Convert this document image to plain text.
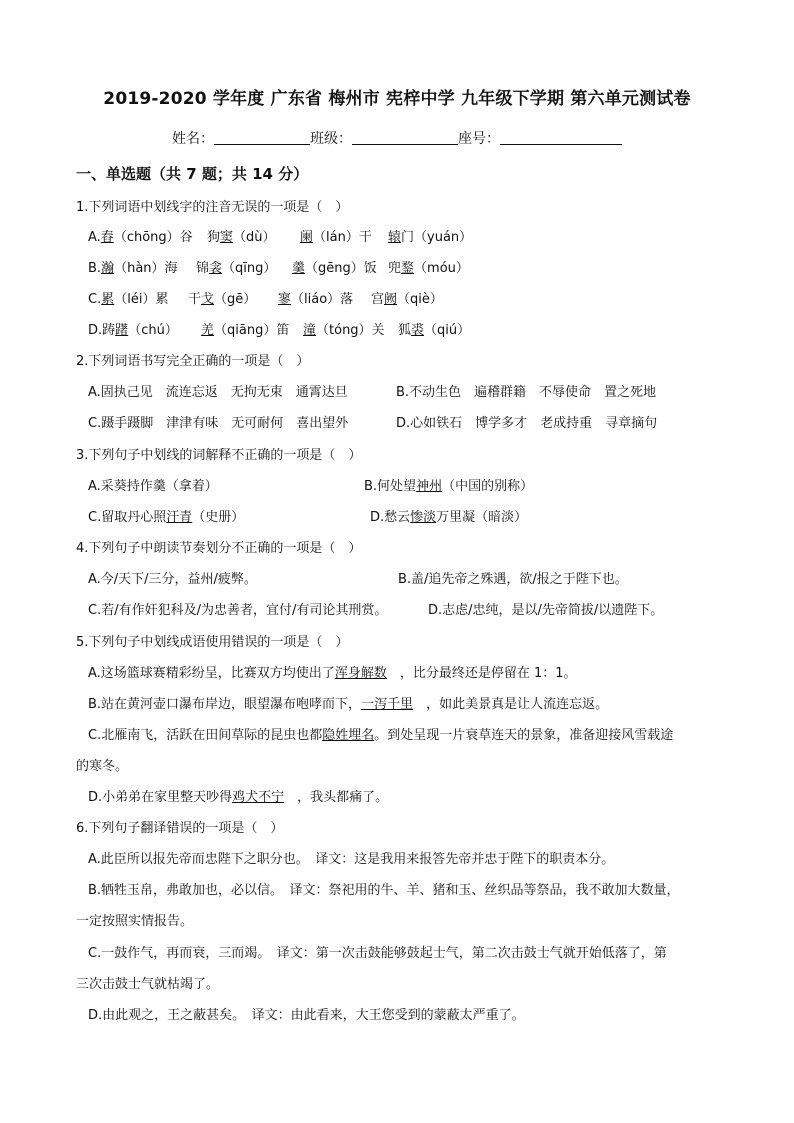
2019-2020 学年度 广东省 梅州市 宪梓中学 九年级下学期 第六单元测试卷
姓名：	班级：	座号：
一、单选题（共 7 题；共 14 分）
1.下列词语中划线字的注音无误的一项是（　）
A.舂（chōng）谷 狗窦（dù） 阑（lán）干 辕门（yuán）
B.瀚（hàn）海 锦衾（qīng） 羹（gēng）饭 兜鍪（móu）
C.累（léi）累 干戈（gē） 寥（liáo）落 宫阙（qiè）
D.踌躇（chú） 羌（qiāng）笛 潼（tóng）关 狐裘（qiú）
2.下列词语书写完全正确的一项是（　）
A.固执己见　流连忘返　无拘无束　通霄达旦	B.不动生色　遍稽群籍　不辱使命　置之死地
C.蹑手蹑脚　津津有味　无可耐何　喜出望外	D.心如铁石　博学多才　老成持重　寻章摘句
3.下列句子中划线的词解释不正确的一项是（　）
A.采葵持作羹（拿着）	B.何处望神州（中国的别称）
C.留取丹心照汗青（史册）	D.愁云惨淡万里凝（暗淡）
4.下列句子中朗读节奏划分不正确的一项是（　）
A.今/天下/三分，益州/疲弊。	B.盖/追先帝之殊遇，欲/报之于陛下也。
C.若/有作奸犯科及/为忠善者，宜付/有司论其刑赏。	D.志虑/忠纯，是以/先帝简拔/以遗陛下。
5.下列句子中划线成语使用错误的一项是（　）
A.这场篮球赛精彩纷呈，比赛双方均使出了浑身解数　，比分最终还是停留在 1：1。
B.站在黄河壶口瀑布岸边，眼望瀑布咆哮而下，一泻千里　，如此美景真是让人流连忘返。
C.北雁南飞，活跃在田间草际的昆虫也都隐姓埋名。到处呈现一片衰草连天的景象，准备迎接风雪载途
的寒冬。
D.小弟弟在家里整天吵得鸡犬不宁　，我头都痛了。
6.下列句子翻译错误的一项是（　）
A.此臣所以报先帝而忠陛下之职分也。　译文：这是我用来报答先帝并忠于陛下的职责本分。
B.牺牲玉帛，弗敢加也，必以信。　译文：祭祀用的牛、羊、猪和玉、丝织品等祭品，我不敢加大数量，
一定按照实情报告。
C.一鼓作气，再而衰，三而竭。　译文：第一次击鼓能够鼓起士气，第二次击鼓士气就开始低落了，第
三次击鼓士气就枯竭了。
D.由此观之，王之蔽甚矣。　译文：由此看来，大王您受到的蒙蔽太严重了。
